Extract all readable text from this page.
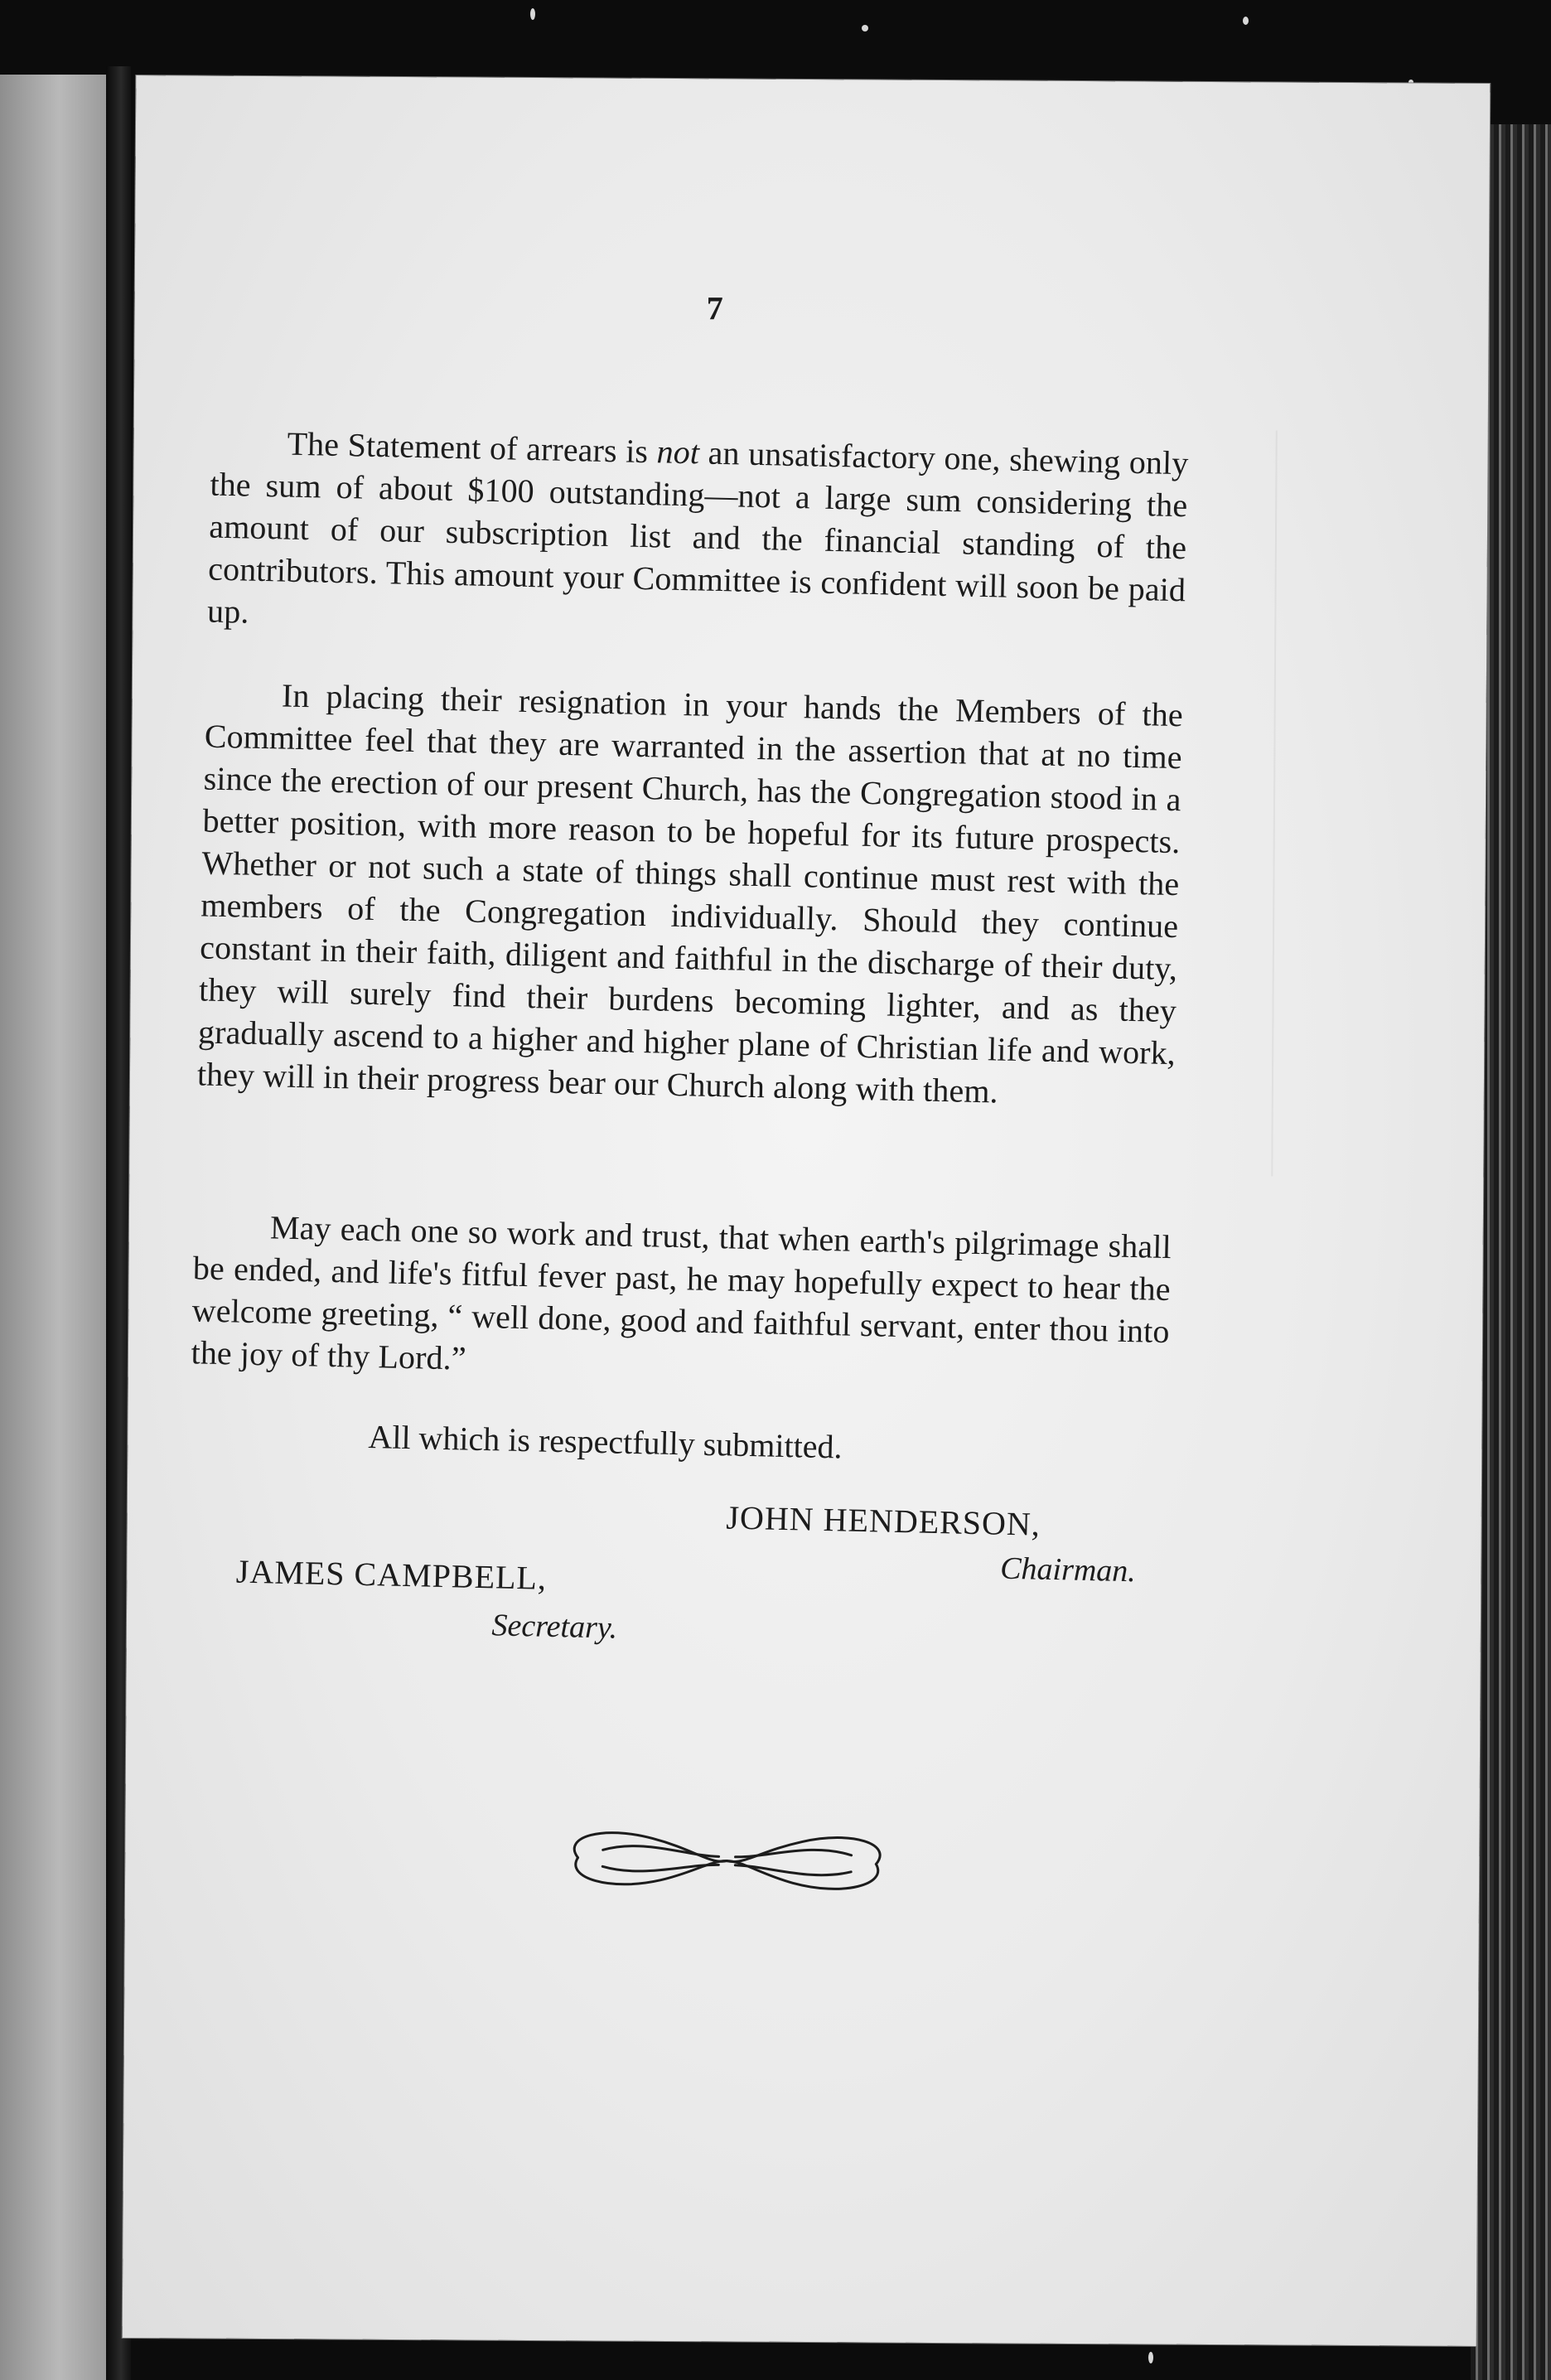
7

The Statement of arrears is not an unsatisfactory one, shewing only the sum of about $100 outstanding—not a large sum considering the amount of our subscription list and the financial standing of the contributors. This amount your Committee is confident will soon be paid up.

In placing their resignation in your hands the Members of the Committee feel that they are warranted in the assertion that at no time since the erection of our present Church, has the Congregation stood in a better position, with more reason to be hopeful for its future prospects. Whether or not such a state of things shall continue must rest with the members of the Congregation individually. Should they continue constant in their faith, diligent and faithful in the discharge of their duty, they will surely find their burdens becoming lighter, and as they gradually ascend to a higher and higher plane of Christian life and work, they will in their progress bear our Church along with them.

May each one so work and trust, that when earth's pilgrimage shall be ended, and life's fitful fever past, he may hopefully expect to hear the welcome greeting, “ well done, good and faithful servant, enter thou into the joy of thy Lord.”

All which is respectfully submitted.
JOHN HENDERSON,
Chairman.
JAMES CAMPBELL,
Secretary.
